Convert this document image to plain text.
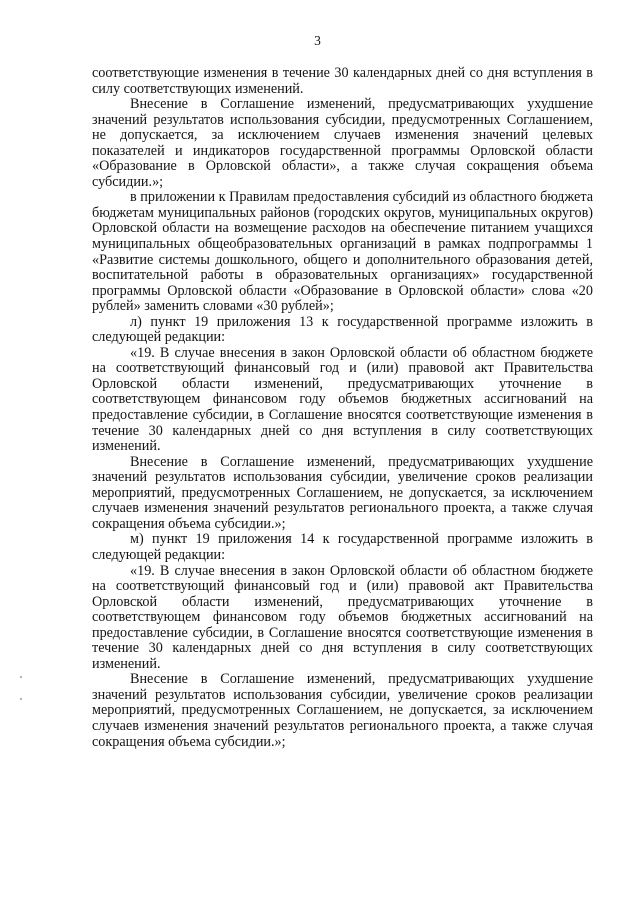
3

соответствующие изменения в течение 30 календарных дней со дня вступления в силу соответствующих изменений.

Внесение в Соглашение изменений, предусматривающих ухудшение значений результатов использования субсидии, предусмотренных Соглашением, не допускается, за исключением случаев изменения значений целевых показателей и индикаторов государственной программы Орловской области «Образование в Орловской области», а также случая сокращения объема субсидии.»;

в приложении к Правилам предоставления субсидий из областного бюджета бюджетам муниципальных районов (городских округов, муниципальных округов) Орловской области на возмещение расходов на обеспечение питанием учащихся муниципальных общеобразовательных организаций в рамках подпрограммы 1 «Развитие системы дошкольного, общего и дополнительного образования детей, воспитательной работы в образовательных организациях» государственной программы Орловской области «Образование в Орловской области» слова «20 рублей» заменить словами «30 рублей»;

л) пункт 19 приложения 13 к государственной программе изложить в следующей редакции:

«19. В случае внесения в закон Орловской области об областном бюджете на соответствующий финансовый год и (или) правовой акт Правительства Орловской области изменений, предусматривающих уточнение в соответствующем финансовом году объемов бюджетных ассигнований на предоставление субсидии, в Соглашение вносятся соответствующие изменения в течение 30 календарных дней со дня вступления в силу соответствующих изменений.

Внесение в Соглашение изменений, предусматривающих ухудшение значений результатов использования субсидии, увеличение сроков реализации мероприятий, предусмотренных Соглашением, не допускается, за исключением случаев изменения значений результатов регионального проекта, а также случая сокращения объема субсидии.»;

м) пункт 19 приложения 14 к государственной программе изложить в следующей редакции:

«19. В случае внесения в закон Орловской области об областном бюджете на соответствующий финансовый год и (или) правовой акт Правительства Орловской области изменений, предусматривающих уточнение в соответствующем финансовом году объемов бюджетных ассигнований на предоставление субсидии, в Соглашение вносятся соответствующие изменения в течение 30 календарных дней со дня вступления в силу соответствующих изменений.

Внесение в Соглашение изменений, предусматривающих ухудшение значений результатов использования субсидии, увеличение сроков реализации мероприятий, предусмотренных Соглашением, не допускается, за исключением случаев изменения значений результатов регионального проекта, а также случая сокращения объема субсидии.»;
